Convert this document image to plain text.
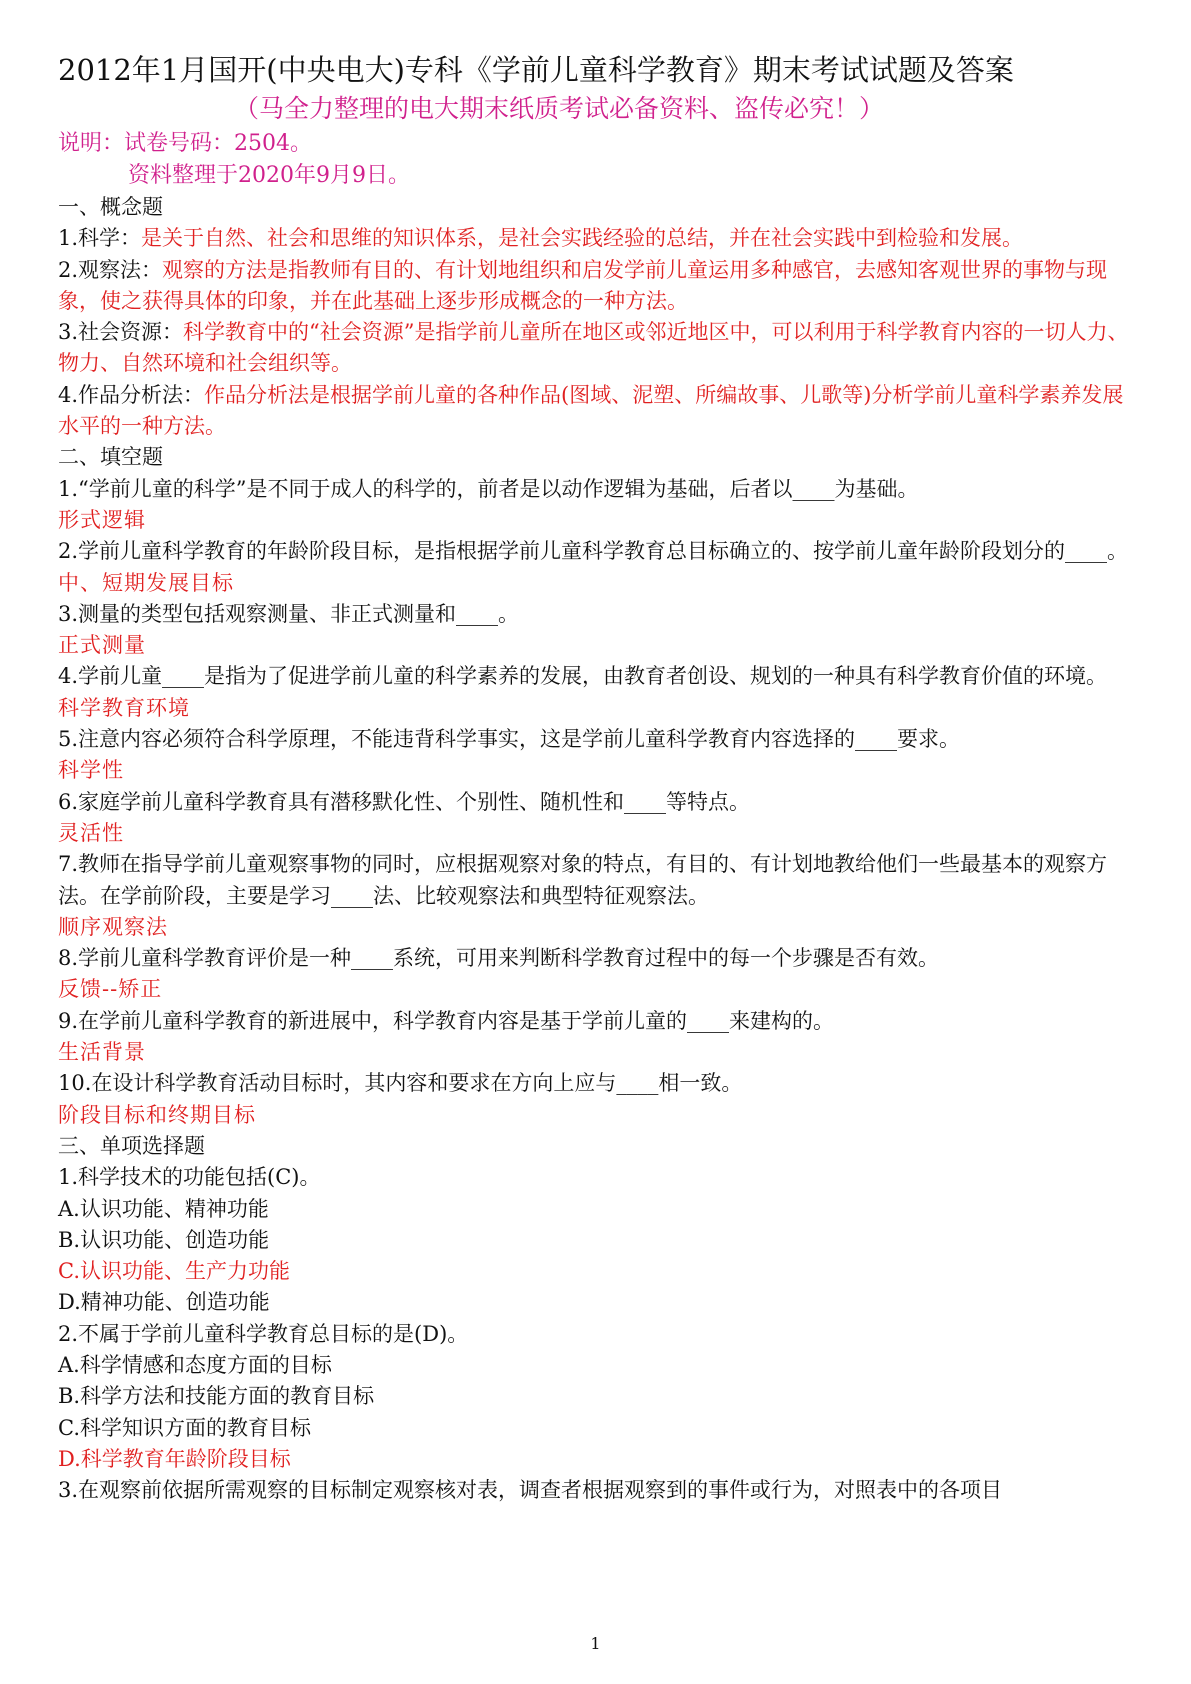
2012年1月国开(中央电大)专科《学前儿童科学教育》期末考试试题及答案
（马全力整理的电大期末纸质考试必备资料、盗传必究！）
说明：试卷号码：2504。
资料整理于2020年9月9日。
一、概念题
1.科学：是关于自然、社会和思维的知识体系，是社会实践经验的总结，并在社会实践中到检验和发展。
2.观察法：观察的方法是指教师有目的、有计划地组织和启发学前儿童运用多种感官，去感知客观世界的事物与现象，使之获得具体的印象，并在此基础上逐步形成概念的一种方法。
3.社会资源：科学教育中的“社会资源”是指学前儿童所在地区或邻近地区中，可以利用于科学教育内容的一切人力、物力、自然环境和社会组织等。
4.作品分析法：作品分析法是根据学前儿童的各种作品(图域、泥塑、所编故事、儿歌等)分析学前儿童科学素养发展水平的一种方法。
二、填空题
1.“学前儿童的科学”是不同于成人的科学的，前者是以动作逻辑为基础，后者以____为基础。
形式逻辑
2.学前儿童科学教育的年龄阶段目标，是指根据学前儿童科学教育总目标确立的、按学前儿童年龄阶段划分的____。
中、短期发展目标
3.测量的类型包括观察测量、非正式测量和____。
正式测量
4.学前儿童____是指为了促进学前儿童的科学素养的发展，由教育者创设、规划的一种具有科学教育价值的环境。
科学教育环境
5.注意内容必须符合科学原理，不能违背科学事实，这是学前儿童科学教育内容选择的____要求。
科学性
6.家庭学前儿童科学教育具有潜移默化性、个别性、随机性和____等特点。
灵活性
7.教师在指导学前儿童观察事物的同时，应根据观察对象的特点，有目的、有计划地教给他们一些最基本的观察方法。在学前阶段，主要是学习____法、比较观察法和典型特征观察法。
顺序观察法
8.学前儿童科学教育评价是一种____系统，可用来判断科学教育过程中的每一个步骤是否有效。
反馈--矫正
9.在学前儿童科学教育的新进展中，科学教育内容是基于学前儿童的____来建构的。
生活背景
10.在设计科学教育活动目标时，其内容和要求在方向上应与____相一致。
阶段目标和终期目标
三、单项选择题
1.科学技术的功能包括(C)。
A.认识功能、精神功能
B.认识功能、创造功能
C.认识功能、生产力功能
D.精神功能、创造功能
2.不属于学前儿童科学教育总目标的是(D)。
A.科学情感和态度方面的目标
B.科学方法和技能方面的教育目标
C.科学知识方面的教育目标
D.科学教育年龄阶段目标
3.在观察前依据所需观察的目标制定观察核对表，调查者根据观察到的事件或行为，对照表中的各项目
1
